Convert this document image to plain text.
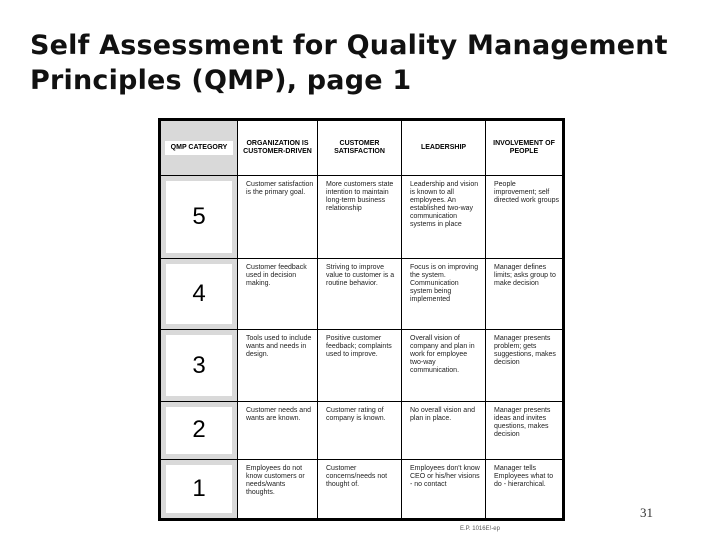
Self Assessment for Quality Management Principles (QMP), page 1
QMP CATEGORY	ORGANIZATION IS CUSTOMER-DRIVEN	CUSTOMER SATISFACTION	LEADERSHIP	INVOLVEMENT OF PEOPLE

5	Customer satisfaction is the primary goal.	More customers state intention to maintain long-term business relationship	Leadership and vision is known to all employees. An established two-way communication systems in place	People improvement; self directed work groups

4	Customer feedback used in decision making.	Striving to improve value to customer is a routine behavior.	Focus is on improving the system. Communication system being implemented	Manager defines limits; asks group to make decision

3	Tools used to include wants and needs in design.	Positive customer feedback; complaints used to improve.	Overall vision of company and plan in work for employee two-way communication.	Manager presents problem; gets suggestions, makes decision

2	Customer needs and wants are known.	Customer rating of company is known.	No overall vision and plan in place.	Manager presents ideas and invites questions, makes decision

1	Employees do not know customers or needs/wants thoughts.	Customer concerns/needs not thought of.	Employees don't know CEO or his/her visions - no contact	Manager tells Employees what to do - hierarchical.
31
E.P. 1016E!-ep
